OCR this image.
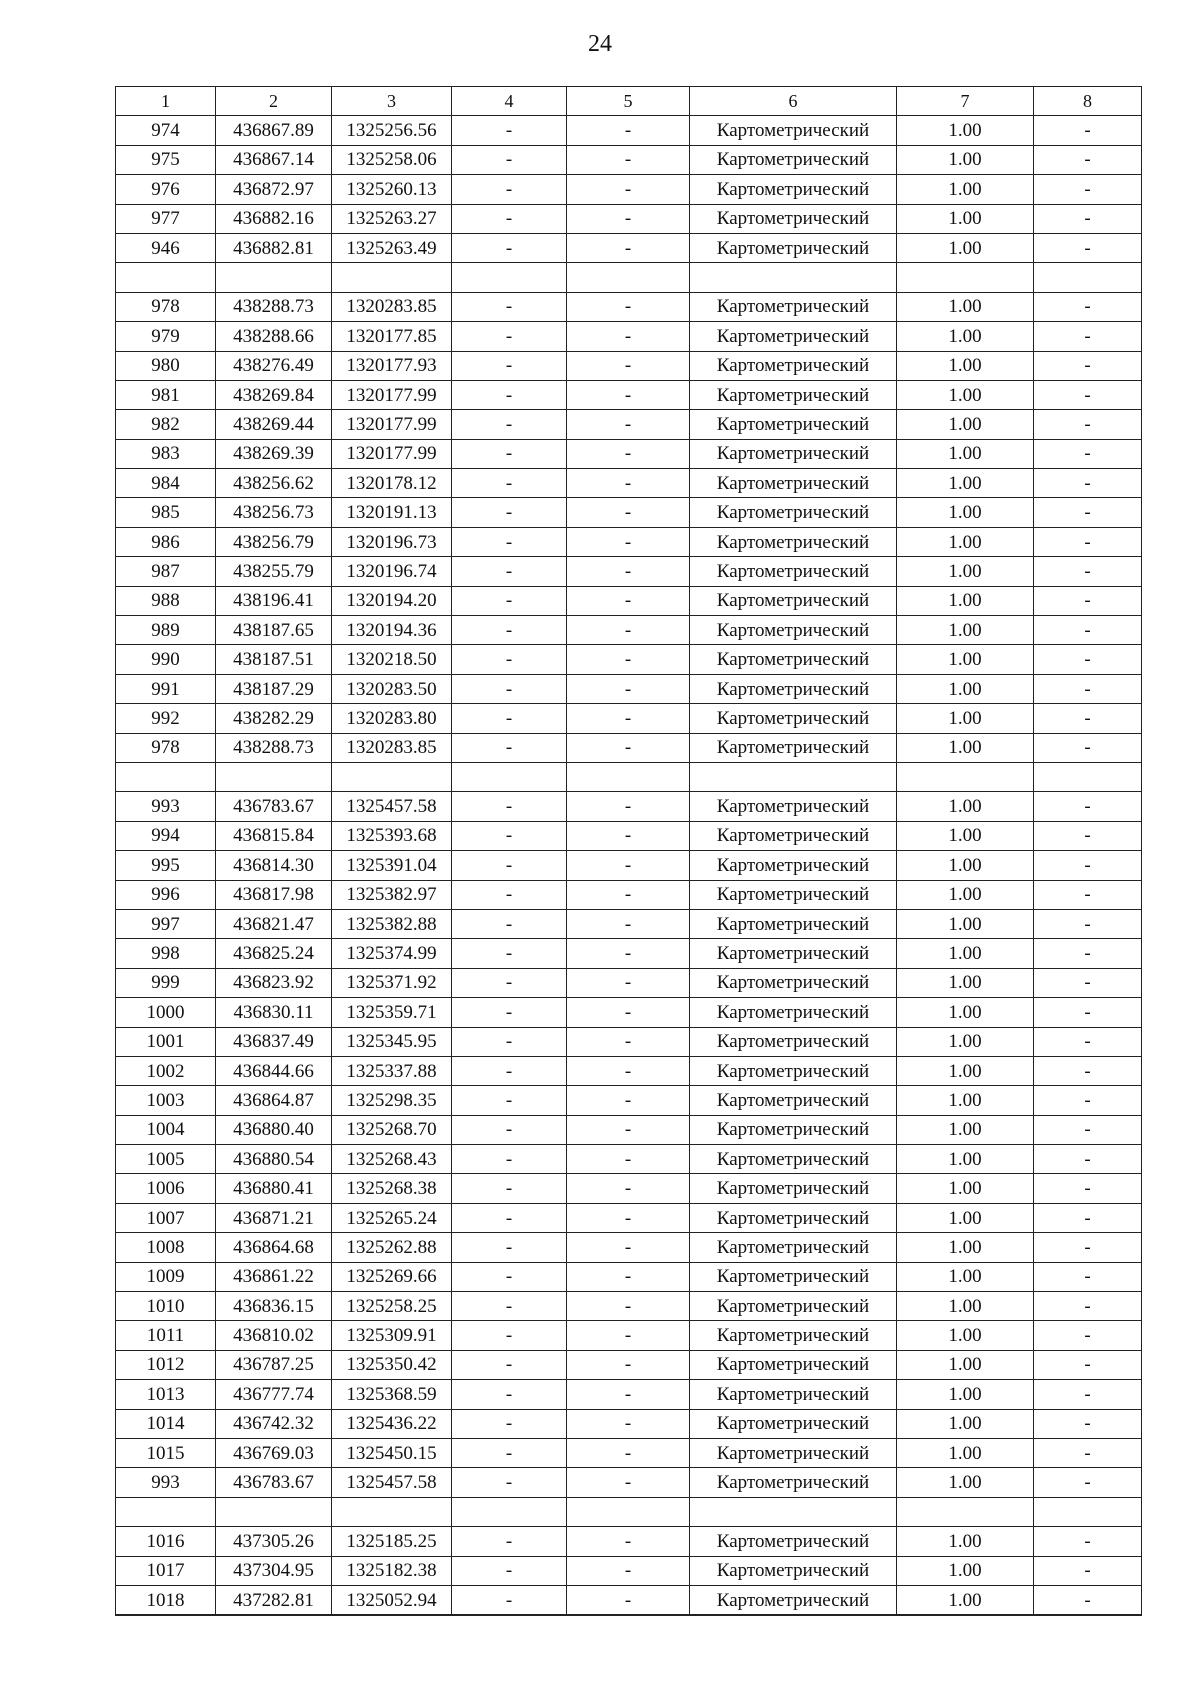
24
1	2	3	4	5	6	7	8
974	436867.89	1325256.56	-	-	Картометрический	1.00	-
975	436867.14	1325258.06	-	-	Картометрический	1.00	-
976	436872.97	1325260.13	-	-	Картометрический	1.00	-
977	436882.16	1325263.27	-	-	Картометрический	1.00	-
946	436882.81	1325263.49	-	-	Картометрический	1.00	-

978	438288.73	1320283.85	-	-	Картометрический	1.00	-
979	438288.66	1320177.85	-	-	Картометрический	1.00	-
980	438276.49	1320177.93	-	-	Картометрический	1.00	-
981	438269.84	1320177.99	-	-	Картометрический	1.00	-
982	438269.44	1320177.99	-	-	Картометрический	1.00	-
983	438269.39	1320177.99	-	-	Картометрический	1.00	-
984	438256.62	1320178.12	-	-	Картометрический	1.00	-
985	438256.73	1320191.13	-	-	Картометрический	1.00	-
986	438256.79	1320196.73	-	-	Картометрический	1.00	-
987	438255.79	1320196.74	-	-	Картометрический	1.00	-
988	438196.41	1320194.20	-	-	Картометрический	1.00	-
989	438187.65	1320194.36	-	-	Картометрический	1.00	-
990	438187.51	1320218.50	-	-	Картометрический	1.00	-
991	438187.29	1320283.50	-	-	Картометрический	1.00	-
992	438282.29	1320283.80	-	-	Картометрический	1.00	-
978	438288.73	1320283.85	-	-	Картометрический	1.00	-

993	436783.67	1325457.58	-	-	Картометрический	1.00	-
994	436815.84	1325393.68	-	-	Картометрический	1.00	-
995	436814.30	1325391.04	-	-	Картометрический	1.00	-
996	436817.98	1325382.97	-	-	Картометрический	1.00	-
997	436821.47	1325382.88	-	-	Картометрический	1.00	-
998	436825.24	1325374.99	-	-	Картометрический	1.00	-
999	436823.92	1325371.92	-	-	Картометрический	1.00	-
1000	436830.11	1325359.71	-	-	Картометрический	1.00	-
1001	436837.49	1325345.95	-	-	Картометрический	1.00	-
1002	436844.66	1325337.88	-	-	Картометрический	1.00	-
1003	436864.87	1325298.35	-	-	Картометрический	1.00	-
1004	436880.40	1325268.70	-	-	Картометрический	1.00	-
1005	436880.54	1325268.43	-	-	Картометрический	1.00	-
1006	436880.41	1325268.38	-	-	Картометрический	1.00	-
1007	436871.21	1325265.24	-	-	Картометрический	1.00	-
1008	436864.68	1325262.88	-	-	Картометрический	1.00	-
1009	436861.22	1325269.66	-	-	Картометрический	1.00	-
1010	436836.15	1325258.25	-	-	Картометрический	1.00	-
1011	436810.02	1325309.91	-	-	Картометрический	1.00	-
1012	436787.25	1325350.42	-	-	Картометрический	1.00	-
1013	436777.74	1325368.59	-	-	Картометрический	1.00	-
1014	436742.32	1325436.22	-	-	Картометрический	1.00	-
1015	436769.03	1325450.15	-	-	Картометрический	1.00	-
993	436783.67	1325457.58	-	-	Картометрический	1.00	-

1016	437305.26	1325185.25	-	-	Картометрический	1.00	-
1017	437304.95	1325182.38	-	-	Картометрический	1.00	-
1018	437282.81	1325052.94	-	-	Картометрический	1.00	-
